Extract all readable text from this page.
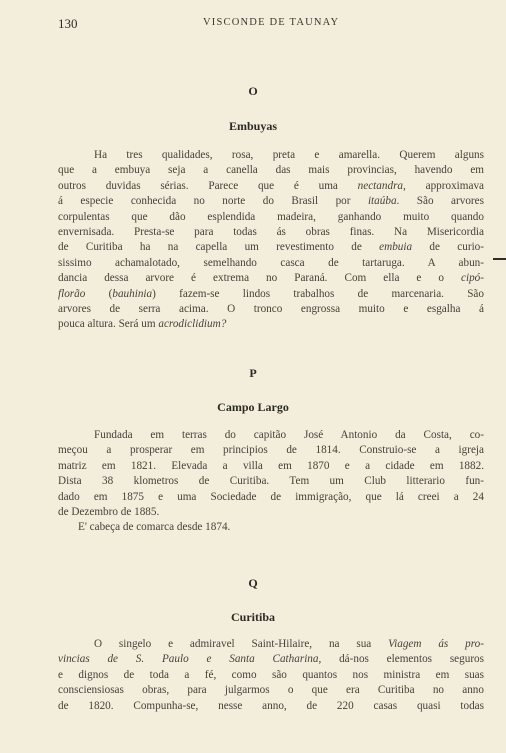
130	VISCONDE DE TAUNAY
O
Embuyas

Ha tres qualidades, rosa, preta e amarella. Querem alguns
que a embuya seja a canella das mais provincias, havendo em
outros duvidas sérias. Parece que é uma nectandra, approximava
á especie conhecida no norte do Brasil por itaúba. São arvores
corpulentas que dão esplendida madeira, ganhando muito quando
envernisada. Presta-se para todas ás obras finas. Na Misericordia
de Curitiba ha na capella um revestimento de embuia de curio-
sissimo achamalotado, semelhando casca de tartaruga. A abun-
dancia dessa arvore é extrema no Paraná. Com ella e o cipó-
florão (bauhinia) fazem-se lindos trabalhos de marcenaria. São
arvores de serra acima. O tronco engrossa muito e esgalha á
pouca altura. Será um acrodiclidium?

P
Campo Largo

Fundada em terras do capitão José Antonio da Costa, co-
meçou a prosperar em principios de 1814. Construio-se a igreja
matriz em 1821. Elevada a villa em 1870 e a cidade em 1882.
Dista 38 klometros de Curitiba. Tem um Club litterario fun-
dado em 1875 e uma Sociedade de immigração, que lá creei a 24
de Dezembro de 1885.
E' cabeça de comarca desde 1874.

Q
Curitiba

O singelo e admiravel Saint-Hilaire, na sua Viagem ás pro-
vincias de S. Paulo e Santa Catharina, dá-nos elementos seguros
e dignos de toda a fé, como são quantos nos ministra em suas
consciensiosas obras, para julgarmos o que era Curitiba no anno
de 1820. Compunha-se, nesse anno, de 220 casas quasi todas
